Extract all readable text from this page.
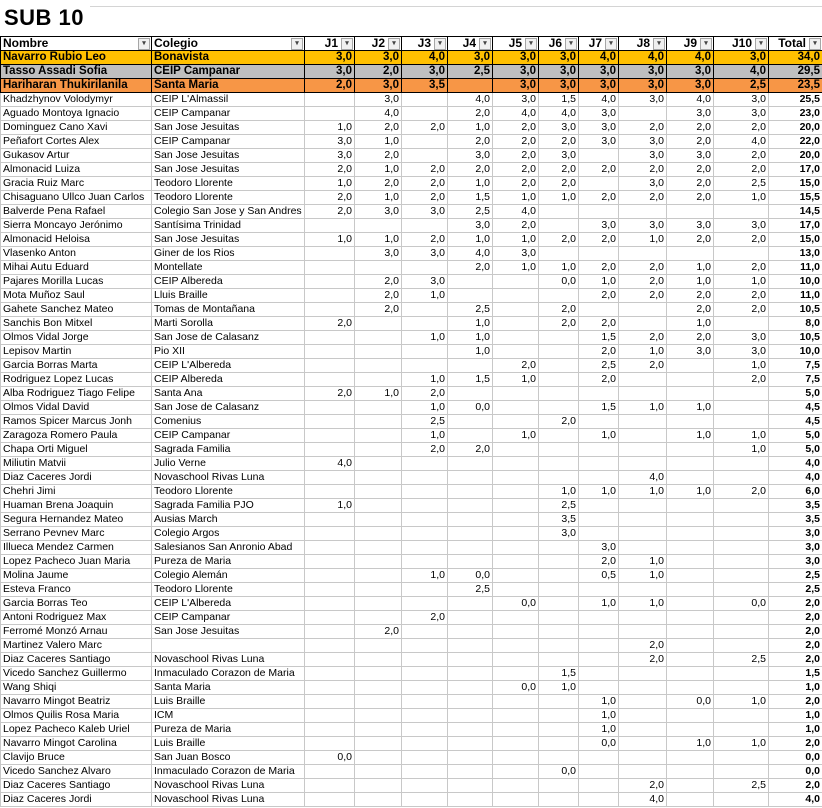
SUB 10
Nombre ▾	Colegio ▾	J1 ▾	J2 ▾	J3 ▾	J4 ▾	J5 ▾	J6 ▾	J7 ▾	J8 ▾	J9 ▾	J10 ▾	Total ▾

Navarro Rubio Leo	Bonavista	3,0	3,0	4,0	3,0	3,0	3,0	4,0	4,0	4,0	3,0	34,0
Tasso Assadi Sofia	CEIP Campanar	3,0	2,0	3,0	2,5	3,0	3,0	3,0	3,0	3,0	4,0	29,5
Hariharan Thukirilanila	Santa Maria	2,0	3,0	3,5		3,0	3,0	3,0	3,0	3,0	2,5	23,5
Khadzhynov Volodymyr	CEIP L'Almassil		3,0		4,0	3,0	1,5	4,0	3,0	4,0	3,0	25,5
Aguado Montoya Ignacio	CEIP Campanar		4,0		2,0	4,0	4,0	3,0		3,0	3,0	23,0
Dominguez Cano Xavi	San Jose Jesuitas	1,0	2,0	2,0	1,0	2,0	3,0	3,0	2,0	2,0	2,0	20,0
Peñafort Cortes Alex	CEIP Campanar	3,0	1,0		2,0	2,0	2,0	3,0	3,0	2,0	4,0	22,0
Gukasov Artur	San Jose Jesuitas	3,0	2,0		3,0	2,0	3,0		3,0	3,0	2,0	20,0
Almonacid Luiza	San Jose Jesuitas	2,0	1,0	2,0	2,0	2,0	2,0	2,0	2,0	2,0	2,0	17,0
Gracia Ruiz Marc	Teodoro Llorente	1,0	2,0	2,0	1,0	2,0	2,0		3,0	2,0	2,5	15,0
Chisaguano Ullco Juan Carlos	Teodoro Llorente	2,0	1,0	2,0	1,5	1,0	1,0	2,0	2,0	2,0	1,0	15,5
Balverde Pena Rafael	Colegio San Jose y San Andres	2,0	3,0	3,0	2,5	4,0						14,5
Sierra Moncayo Jerónimo	Santísima Trinidad				3,0	2,0		3,0	3,0	3,0	3,0	17,0
Almonacid Heloisa	San Jose Jesuitas	1,0	1,0	2,0	1,0	1,0	2,0	2,0	1,0	2,0	2,0	15,0
Vlasenko Anton	Giner de los Rios		3,0	3,0	4,0	3,0						13,0
Mihai Autu Eduard	Montellate				2,0	1,0	1,0	2,0	2,0	1,0	2,0	11,0
Pajares Morilla Lucas	CEIP Albereda		2,0	3,0			0,0	1,0	2,0	1,0	1,0	10,0
Mota Muñoz Saul	Lluis Braille		2,0	1,0				2,0	2,0	2,0	2,0	11,0
Gahete Sanchez Mateo	Tomas de Montañana		2,0		2,5		2,0			2,0	2,0	10,5
Sanchis Bon Mitxel	Marti Sorolla	2,0			1,0		2,0	2,0		1,0		8,0
Olmos Vidal Jorge	San Jose de Calasanz			1,0	1,0			1,5	2,0	2,0	3,0	10,5
Lepisov Martin	Pio XII				1,0			2,0	1,0	3,0	3,0	10,0
Garcia Borras Marta	CEIP L'Albereda					2,0		2,5	2,0		1,0	7,5
Rodriguez Lopez Lucas	CEIP Albereda			1,0	1,5	1,0		2,0			2,0	7,5
Alba Rodriguez Tiago Felipe	Santa Ana	2,0	1,0	2,0								5,0
Olmos Vidal David	San Jose de Calasanz			1,0	0,0			1,5	1,0	1,0		4,5
Ramos Spicer Marcus Jonh	Comenius			2,5			2,0					4,5
Zaragoza Romero Paula	CEIP Campanar			1,0		1,0		1,0		1,0	1,0	5,0
Chapa Orti Miguel	Sagrada Familia			2,0	2,0						1,0	5,0
Miliutin Matvii	Julio Verne	4,0										4,0
Diaz Caceres Jordi	Novaschool Rivas Luna								4,0			4,0
Chehri Jimi	Teodoro Llorente						1,0	1,0	1,0	1,0	2,0	6,0
Huaman Brena Joaquin	Sagrada Familia PJO	1,0					2,5					3,5
Segura Hernandez Mateo	Ausias March						3,5					3,5
Serrano Pevnev Marc	Colegio Argos						3,0					3,0
Illueca Mendez Carmen	Salesianos San Anronio Abad							3,0				3,0
Lopez Pacheco Juan Maria	Pureza de Maria							2,0	1,0			3,0
Molina Jaume	Colegio Alemán			1,0	0,0			0,5	1,0			2,5
Esteva Franco	Teodoro Llorente				2,5							2,5
Garcia Borras Teo	CEIP L'Albereda					0,0		1,0	1,0		0,0	2,0
Antoni Rodriguez Max	CEIP Campanar			2,0								2,0
Ferromé Monzó Arnau	San Jose Jesuitas		2,0									2,0
Martinez Valero Marc									2,0			2,0
Diaz Caceres Santiago	Novaschool Rivas Luna								2,0		2,5	2,0
Vicedo Sanchez Guillermo	Inmaculado Corazon de Maria						1,5					1,5
Wang Shiqi	Santa Maria					0,0	1,0					1,0
Navarro Mingot Beatriz	Luis Braille							1,0		0,0	1,0	2,0
Olmos Quilis Rosa Maria	ICM							1,0				1,0
Lopez Pacheco Kaleb Uriel	Pureza de Maria							1,0				1,0
Navarro Mingot Carolina	Luis Braille							0,0		1,0	1,0	2,0
Clavijo Bruce	San Juan Bosco	0,0										0,0
Vicedo Sanchez Alvaro	Inmaculado Corazon de Maria						0,0					0,0
Diaz Caceres Santiago	Novaschool Rivas Luna								2,0		2,5	2,0
Diaz Caceres Jordi	Novaschool Rivas Luna								4,0			4,0
